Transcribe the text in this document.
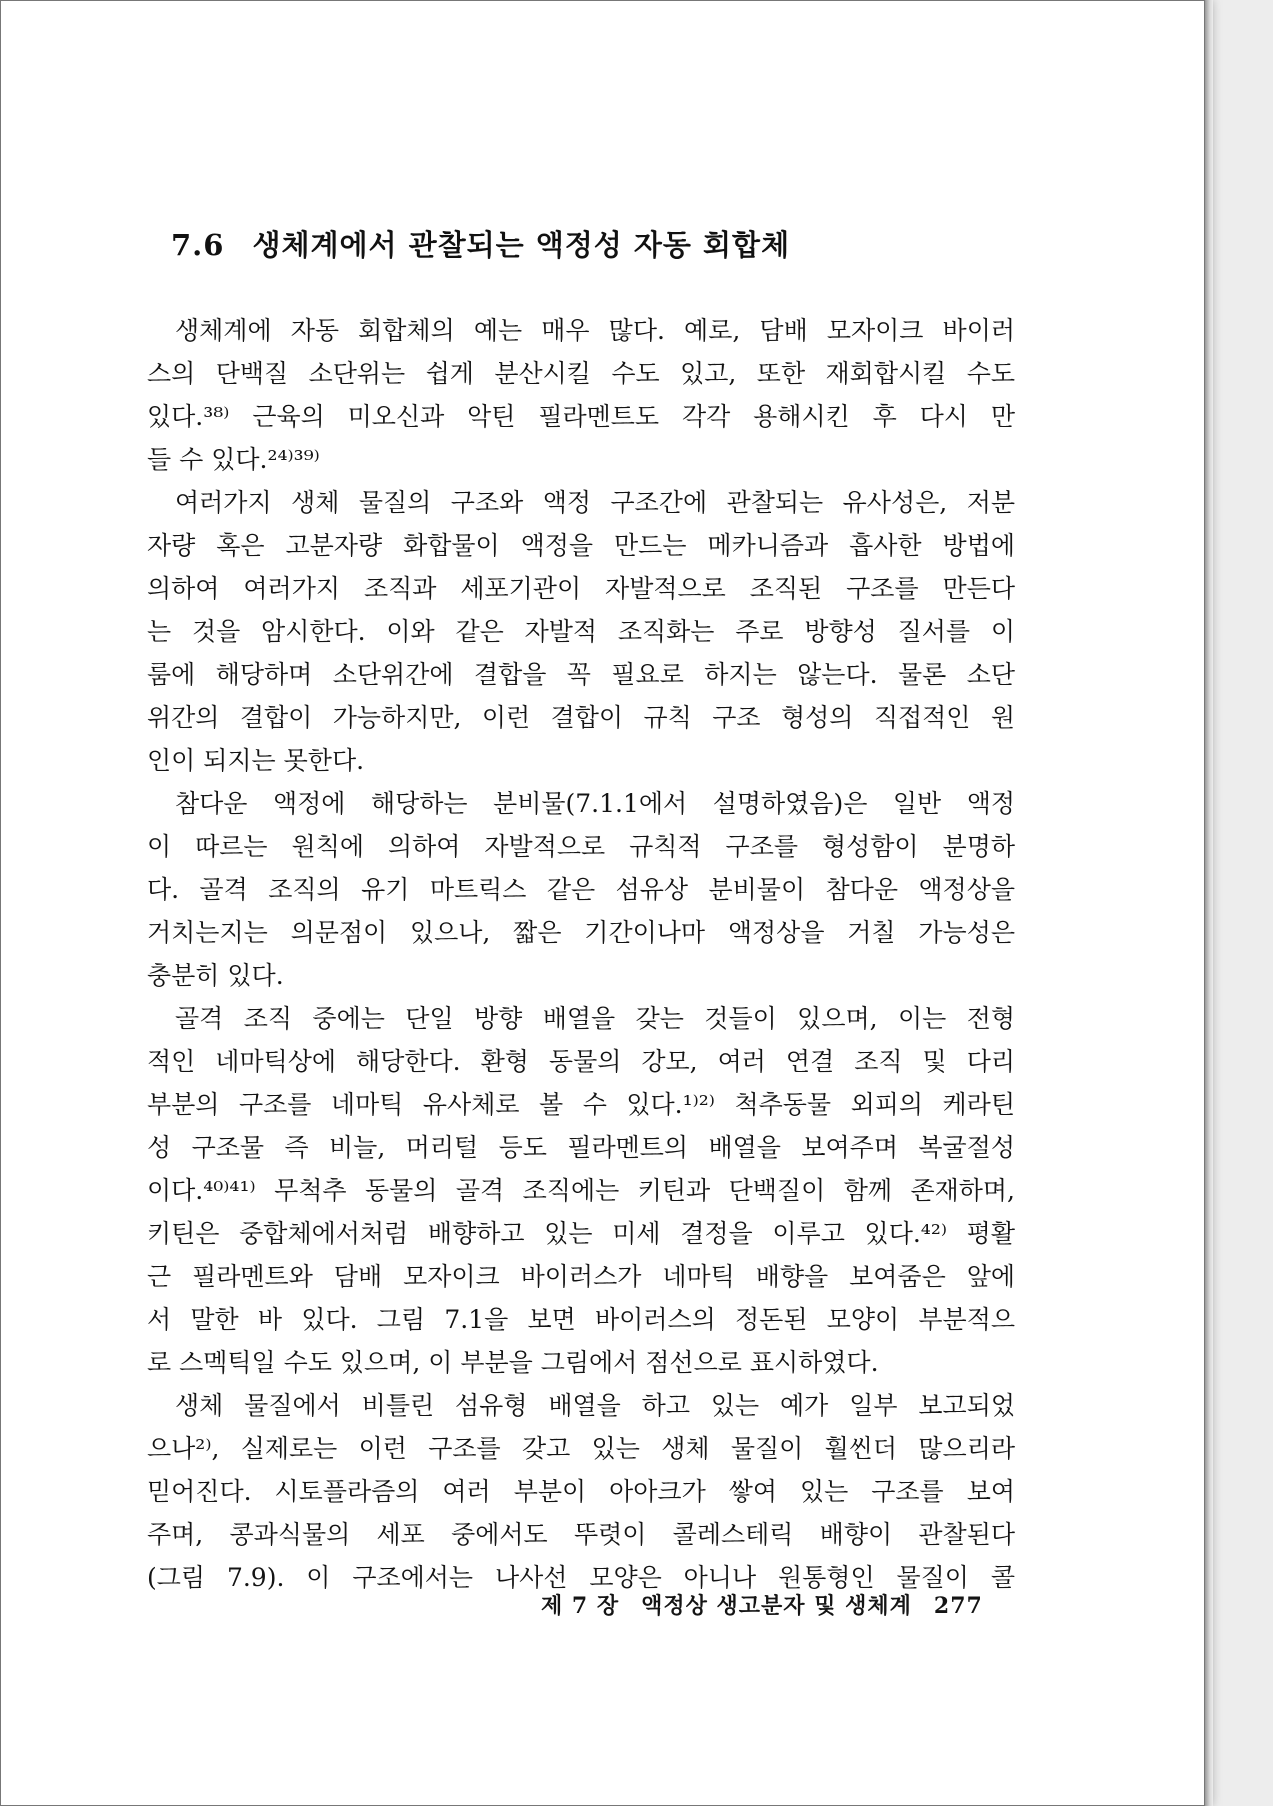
7.6 생체계에서 관찰되는 액정성 자동 회합체
생체계에 자동 회합체의 예는 매우 많다. 예로, 담배 모자이크 바이러
스의 단백질 소단위는 쉽게 분산시킬 수도 있고, 또한 재회합시킬 수도
있다.³⁸⁾ 근육의 미오신과 악틴 필라멘트도 각각 용해시킨 후 다시 만
들 수 있다.²⁴⁾³⁹⁾
여러가지 생체 물질의 구조와 액정 구조간에 관찰되는 유사성은, 저분
자량 혹은 고분자량 화합물이 액정을 만드는 메카니즘과 흡사한 방법에
의하여 여러가지 조직과 세포기관이 자발적으로 조직된 구조를 만든다
는 것을 암시한다. 이와 같은 자발적 조직화는 주로 방향성 질서를 이
룸에 해당하며 소단위간에 결합을 꼭 필요로 하지는 않는다. 물론 소단
위간의 결합이 가능하지만, 이런 결합이 규칙 구조 형성의 직접적인 원
인이 되지는 못한다.
참다운 액정에 해당하는 분비물(7.1.1에서 설명하였음)은 일반 액정
이 따르는 원칙에 의하여 자발적으로 규칙적 구조를 형성함이 분명하
다. 골격 조직의 유기 마트릭스 같은 섬유상 분비물이 참다운 액정상을
거치는지는 의문점이 있으나, 짧은 기간이나마 액정상을 거칠 가능성은
충분히 있다.
골격 조직 중에는 단일 방향 배열을 갖는 것들이 있으며, 이는 전형
적인 네마틱상에 해당한다. 환형 동물의 강모, 여러 연결 조직 및 다리
부분의 구조를 네마틱 유사체로 볼 수 있다.¹⁾²⁾ 척추동물 외피의 케라틴
성 구조물 즉 비늘, 머리털 등도 필라멘트의 배열을 보여주며 복굴절성
이다.⁴⁰⁾⁴¹⁾ 무척추 동물의 골격 조직에는 키틴과 단백질이 함께 존재하며,
키틴은 중합체에서처럼 배향하고 있는 미세 결정을 이루고 있다.⁴²⁾ 평활
근 필라멘트와 담배 모자이크 바이러스가 네마틱 배향을 보여줌은 앞에
서 말한 바 있다. 그림 7.1을 보면 바이러스의 정돈된 모양이 부분적으
로 스멕틱일 수도 있으며, 이 부분을 그림에서 점선으로 표시하였다.
생체 물질에서 비틀린 섬유형 배열을 하고 있는 예가 일부 보고되었
으나²⁾, 실제로는 이런 구조를 갖고 있는 생체 물질이 훨씬더 많으리라
믿어진다. 시토플라즘의 여러 부분이 아아크가 쌓여 있는 구조를 보여
주며, 콩과식물의 세포 중에서도 뚜렷이 콜레스테릭 배향이 관찰된다
(그림 7.9). 이 구조에서는 나사선 모양은 아니나 원통형인 물질이 콜
제 7 장 액정상 생고분자 및 생체계 277
